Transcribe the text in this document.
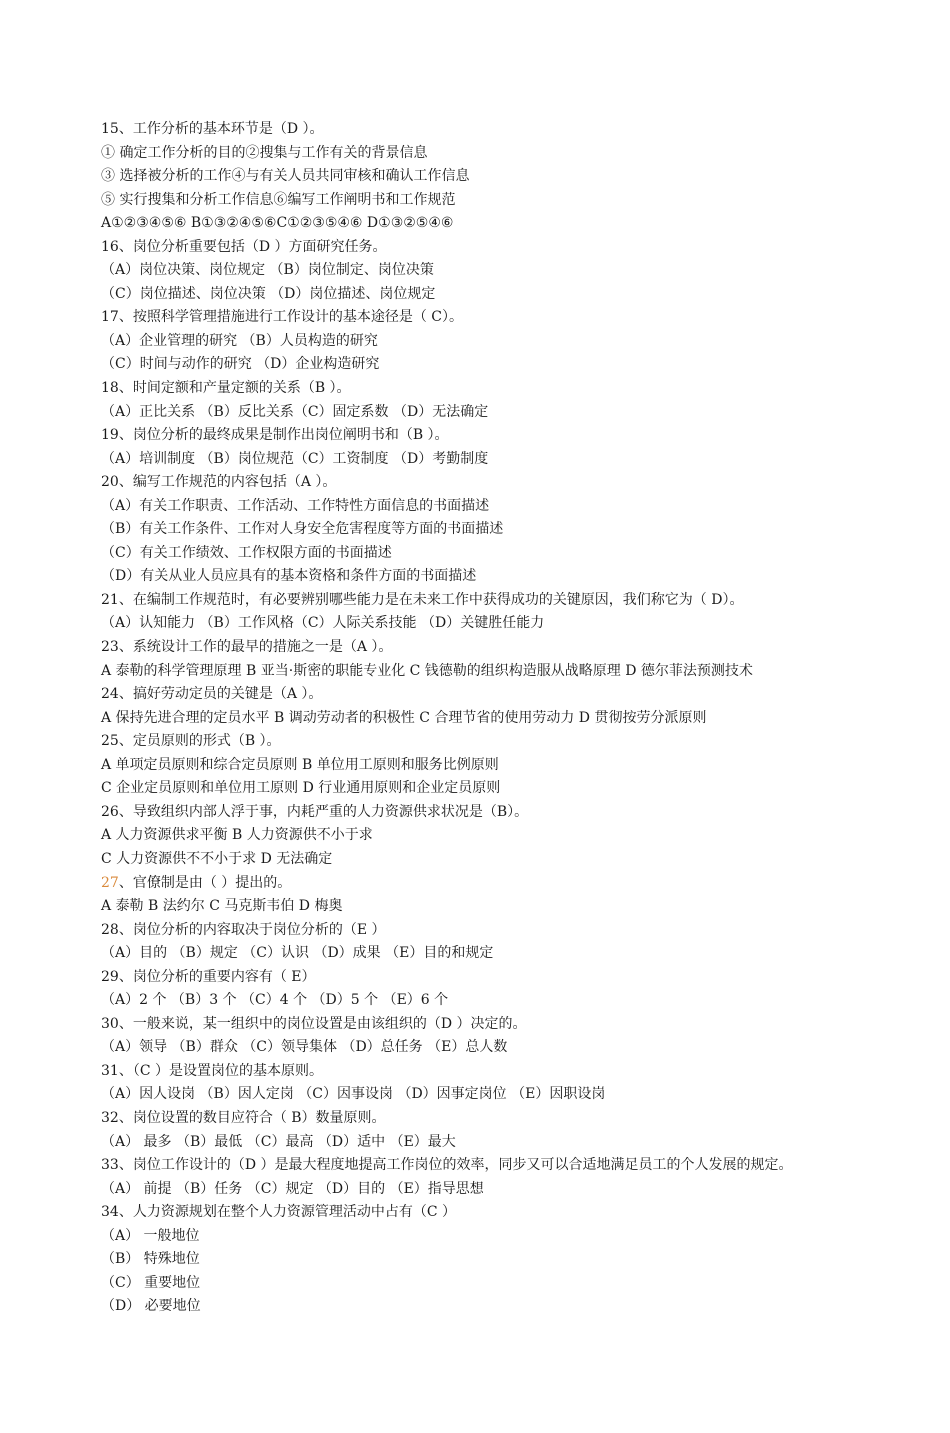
15、工作分析的基本环节是（D ）。
① 确定工作分析的目的②搜集与工作有关的背景信息
③ 选择被分析的工作④与有关人员共同审核和确认工作信息
⑤ 实行搜集和分析工作信息⑥编写工作阐明书和工作规范
A①②③④⑤⑥ B①③②④⑤⑥C①②③⑤④⑥ D①③②⑤④⑥
16、岗位分析重要包括（D ）方面研究任务。
（A）岗位决策、岗位规定 （B）岗位制定、岗位决策
（C）岗位描述、岗位决策 （D）岗位描述、岗位规定
17、按照科学管理措施进行工作设计的基本途径是（ C）。
（A）企业管理的研究 （B）人员构造的研究
（C）时间与动作的研究 （D）企业构造研究
18、时间定额和产量定额的关系（B ）。
（A）正比关系 （B）反比关系（C）固定系数 （D）无法确定
19、岗位分析的最终成果是制作出岗位阐明书和（B ）。
（A）培训制度 （B）岗位规范（C）工资制度 （D）考勤制度
20、编写工作规范的内容包括（A ）。
（A）有关工作职责、工作活动、工作特性方面信息的书面描述
（B）有关工作条件、工作对人身安全危害程度等方面的书面描述
（C）有关工作绩效、工作权限方面的书面描述
（D）有关从业人员应具有的基本资格和条件方面的书面描述
21、在编制工作规范时，有必要辨别哪些能力是在未来工作中获得成功的关键原因，我们称它为（ D）。
（A）认知能力 （B）工作风格（C）人际关系技能 （D）关键胜任能力
23、系统设计工作的最早的措施之一是（A ）。
A 泰勒的科学管理原理 B 亚当·斯密的职能专业化 C 钱德勒的组织构造服从战略原理 D 德尔菲法预测技术
24、搞好劳动定员的关键是（A ）。
A 保持先进合理的定员水平 B 调动劳动者的积极性 C 合理节省的使用劳动力 D 贯彻按劳分派原则
25、定员原则的形式（B ）。
A 单项定员原则和综合定员原则 B 单位用工原则和服务比例原则
C 企业定员原则和单位用工原则 D 行业通用原则和企业定员原则
26、导致组织内部人浮于事，内耗严重的人力资源供求状况是（B）。
A 人力资源供求平衡 B 人力资源供不小于求
C 人力资源供不不小于求 D 无法确定
27、官僚制是由（ ）提出的。
A 泰勒 B 法约尔 C 马克斯韦伯 D 梅奥
28、岗位分析的内容取决于岗位分析的（E ）
（A）目的 （B）规定 （C）认识 （D）成果 （E）目的和规定
29、岗位分析的重要内容有（ E）
（A）2 个 （B）3 个 （C）4 个 （D）5 个 （E）6 个
30、一般来说，某一组织中的岗位设置是由该组织的（D ）决定的。
（A）领导 （B）群众 （C）领导集体 （D）总任务 （E）总人数
31、（C ）是设置岗位的基本原则。
（A）因人设岗 （B）因人定岗 （C）因事设岗 （D）因事定岗位 （E）因职设岗
32、岗位设置的数目应符合（ B）数量原则。
（A） 最多 （B）最低 （C）最高 （D）适中 （E）最大
33、岗位工作设计的（D ）是最大程度地提高工作岗位的效率，同步又可以合适地满足员工的个人发展的规定。
（A） 前提 （B）任务 （C）规定 （D）目的 （E）指导思想
34、人力资源规划在整个人力资源管理活动中占有（C ）
（A） 一般地位
（B） 特殊地位
（C） 重要地位
（D） 必要地位
